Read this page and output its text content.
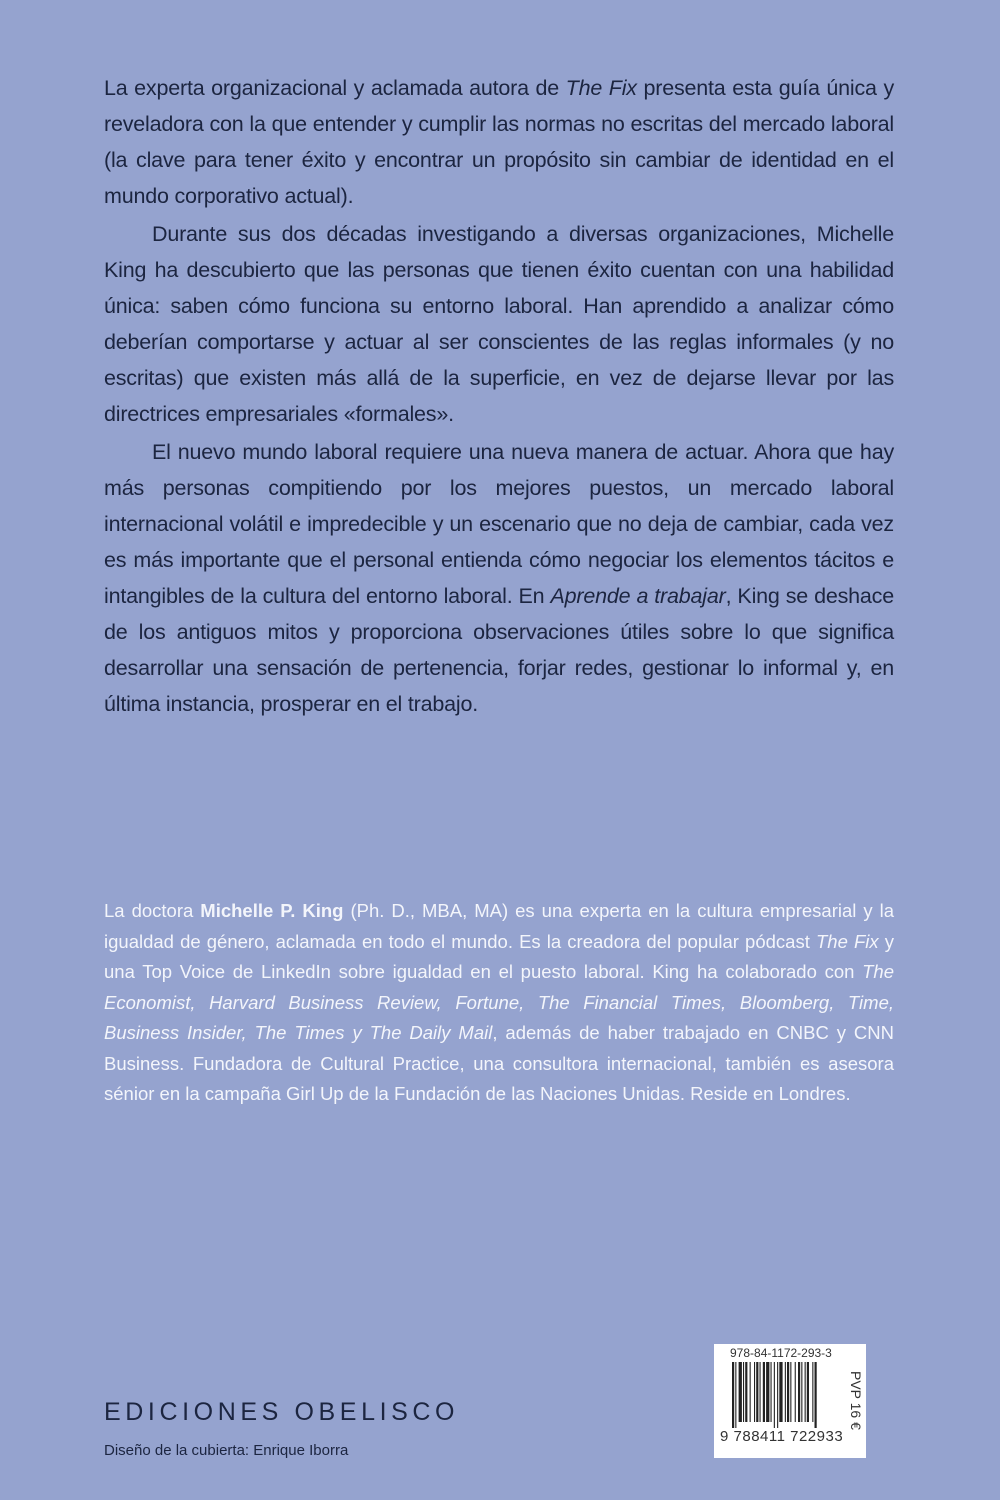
La experta organizacional y aclamada autora de The Fix presenta esta guía única y reveladora con la que entender y cumplir las normas no escritas del mercado laboral (la clave para tener éxito y encontrar un propósito sin cambiar de identidad en el mundo corporativo actual).

Durante sus dos décadas investigando a diversas organizaciones, Michelle King ha descubierto que las personas que tienen éxito cuentan con una habilidad única: saben cómo funciona su entorno laboral. Han aprendido a analizar cómo deberían comportarse y actuar al ser conscientes de las reglas informales (y no escritas) que existen más allá de la superficie, en vez de dejarse llevar por las directrices empresariales «formales».

El nuevo mundo laboral requiere una nueva manera de actuar. Ahora que hay más personas compitiendo por los mejores puestos, un mercado laboral internacional volátil e impredecible y un escenario que no deja de cambiar, cada vez es más importante que el personal entienda cómo negociar los elementos tácitos e intangibles de la cultura del entorno laboral. En Aprende a trabajar, King se deshace de los antiguos mitos y proporciona observaciones útiles sobre lo que significa desarrollar una sensación de pertenencia, forjar redes, gestionar lo informal y, en última instancia, prosperar en el trabajo.

La doctora Michelle P. King (Ph. D., MBA, MA) es una experta en la cultura empresarial y la igualdad de género, aclamada en todo el mundo. Es la creadora del popular pódcast The Fix y una Top Voice de LinkedIn sobre igualdad en el puesto laboral. King ha colaborado con The Economist, Harvard Business Review, Fortune, The Financial Times, Bloomberg, Time, Business Insider, The Times y The Daily Mail, además de haber trabajado en CNBC y CNN Business. Fundadora de Cultural Practice, una consultora internacional, también es asesora sénior en la campaña Girl Up de la Fundación de las Naciones Unidas. Reside en Londres.

EDICIONES OBELISCO
Diseño de la cubierta: Enrique Iborra
978-84-1172-293-3
9 788411 722933
PVP 16 €
